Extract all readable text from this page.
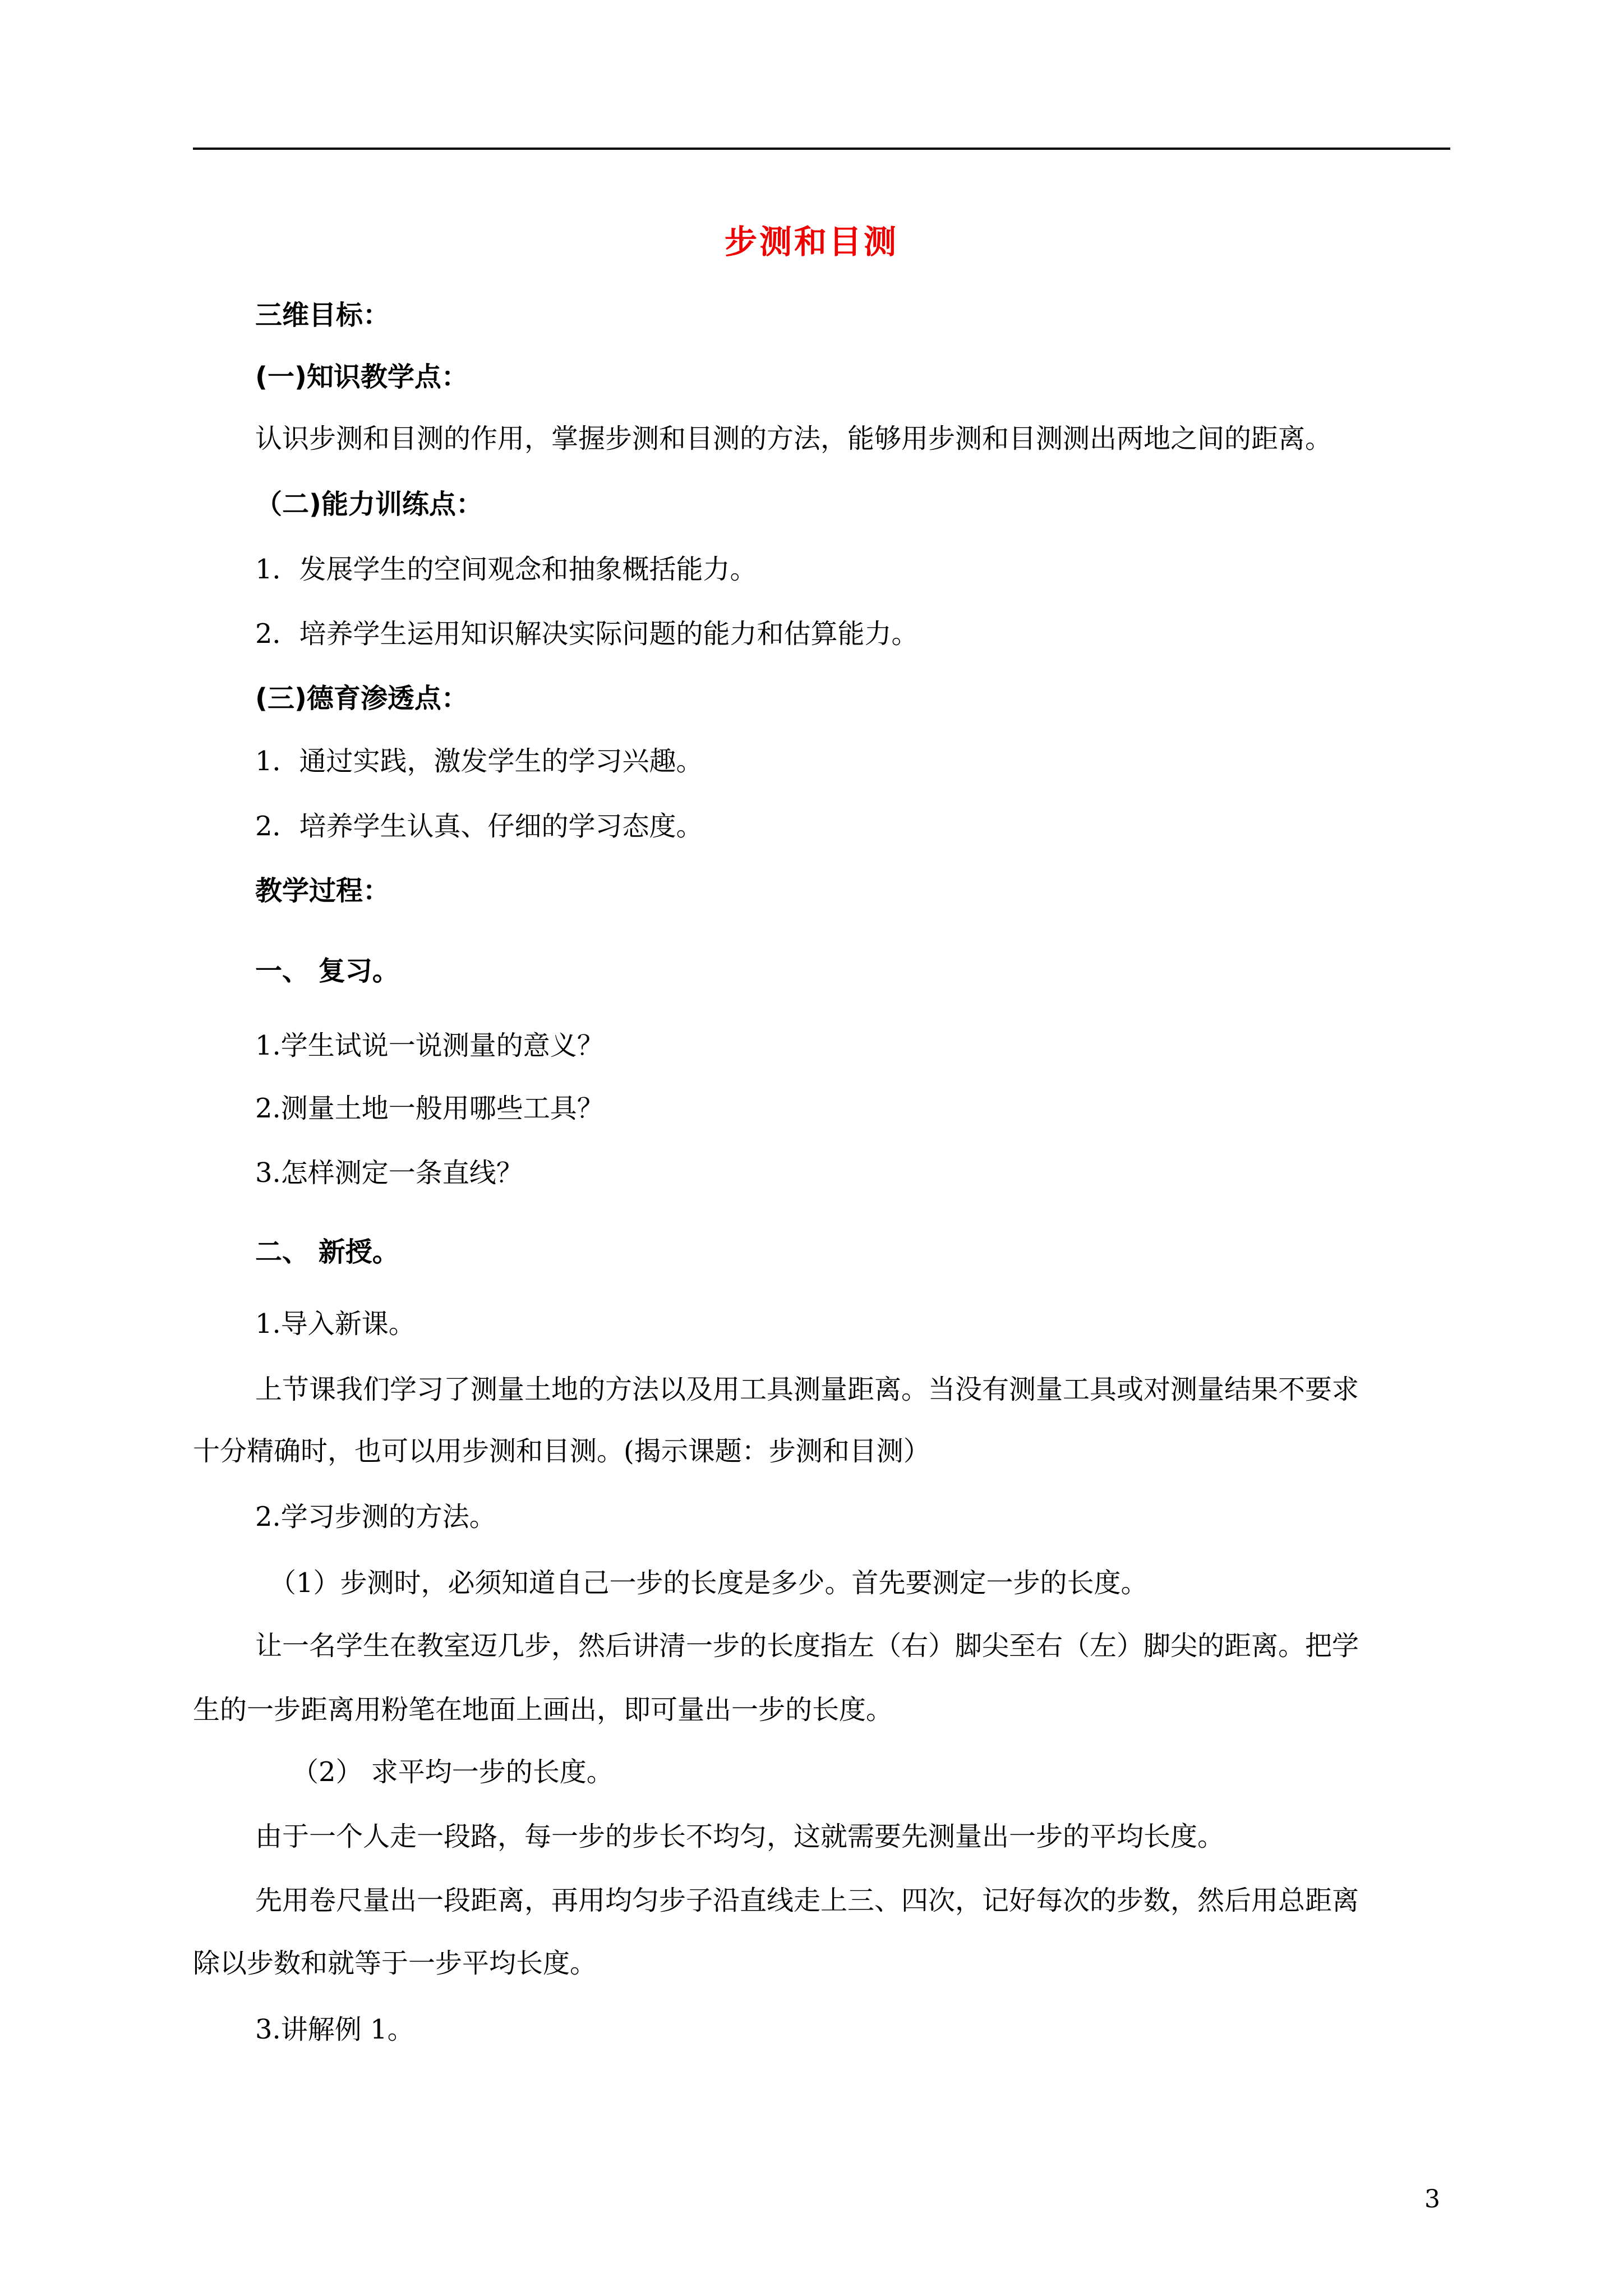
步测和目测
三维目标：
(一)知识教学点：
认识步测和目测的作用，掌握步测和目测的方法，能够用步测和目测测出两地之间的距离。
（二)能力训练点：
1．发展学生的空间观念和抽象概括能力。
2．培养学生运用知识解决实际问题的能力和估算能力。
(三)德育渗透点：
1．通过实践，激发学生的学习兴趣。
2．培养学生认真、仔细的学习态度。
教学过程：
一、 复习。
1.学生试说一说测量的意义？
2.测量土地一般用哪些工具？
3.怎样测定一条直线？
二、 新授。
1.导入新课。
上节课我们学习了测量土地的方法以及用工具测量距离。当没有测量工具或对测量结果不要求
十分精确时，也可以用步测和目测。(揭示课题：步测和目测）
2.学习步测的方法。
（1）步测时，必须知道自己一步的长度是多少。首先要测定一步的长度。
让一名学生在教室迈几步，然后讲清一步的长度指左（右）脚尖至右（左）脚尖的距离。把学
生的一步距离用粉笔在地面上画出，即可量出一步的长度。
（2） 求平均一步的长度。
由于一个人走一段路，每一步的步长不均匀，这就需要先测量出一步的平均长度。
先用卷尺量出一段距离，再用均匀步子沿直线走上三、四次，记好每次的步数，然后用总距离
除以步数和就等于一步平均长度。
3.讲解例 1。
3
